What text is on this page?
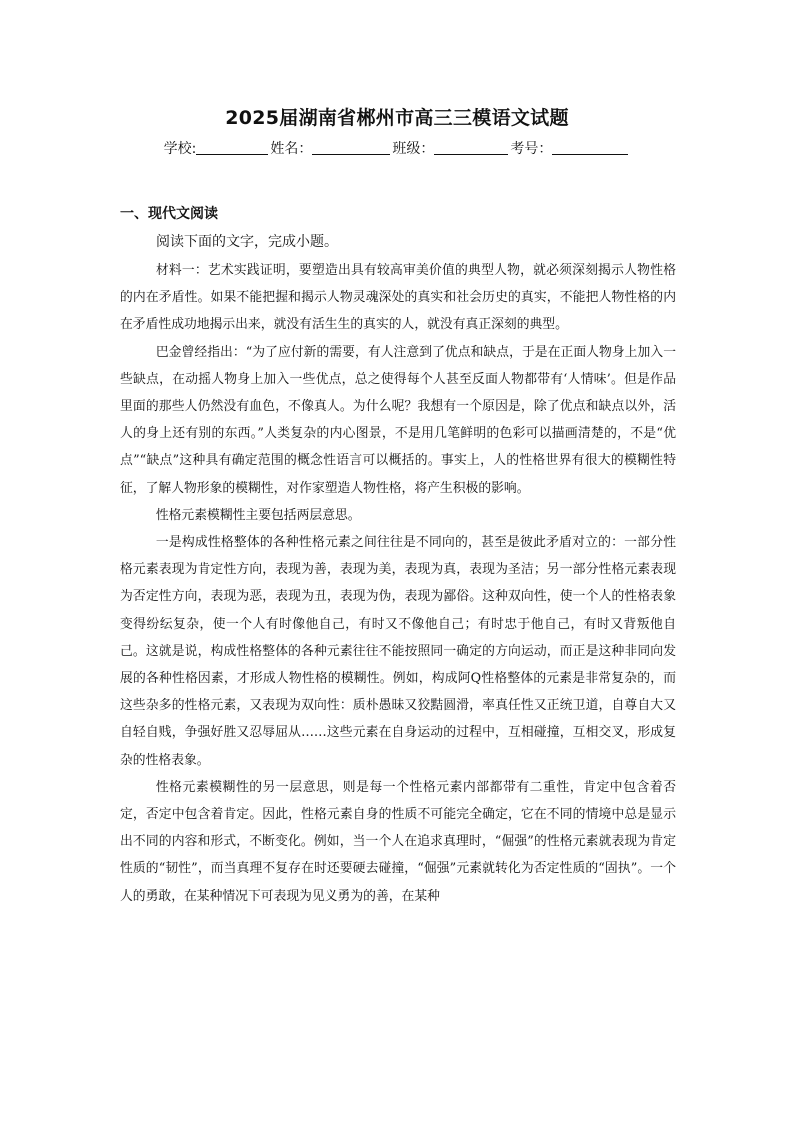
2025届湖南省郴州市高三三模语文试题
学校:	姓名：	班级：	考号：
一、现代文阅读
阅读下面的文字，完成小题。

材料一：艺术实践证明，要塑造出具有较高审美价值的典型人物，就必须深刻揭示人物性格的内在矛盾性。如果不能把握和揭示人物灵魂深处的真实和社会历史的真实，不能把人物性格的内在矛盾性成功地揭示出来，就没有活生生的真实的人，就没有真正深刻的典型。

巴金曾经指出：“为了应付新的需要，有人注意到了优点和缺点，于是在正面人物身上加入一些缺点，在动摇人物身上加入一些优点，总之使得每个人甚至反面人物都带有‘人情味’。但是作品里面的那些人仍然没有血色，不像真人。为什么呢？我想有一个原因是，除了优点和缺点以外，活人的身上还有别的东西。”人类复杂的内心图景，不是用几笔鲜明的色彩可以描画清楚的，不是“优点”“缺点”这种具有确定范围的概念性语言可以概括的。事实上，人的性格世界有很大的模糊性特征，了解人物形象的模糊性，对作家塑造人物性格，将产生积极的影响。

性格元素模糊性主要包括两层意思。

一是构成性格整体的各种性格元素之间往往是不同向的，甚至是彼此矛盾对立的：一部分性格元素表现为肯定性方向，表现为善，表现为美，表现为真，表现为圣洁；另一部分性格元素表现为否定性方向，表现为恶，表现为丑，表现为伪，表现为鄙俗。这种双向性，使一个人的性格表象变得纷纭复杂，使一个人有时像他自己，有时又不像他自己；有时忠于他自己，有时又背叛他自己。这就是说，构成性格整体的各种元素往往不能按照同一确定的方向运动，而正是这种非同向发展的各种性格因素，才形成人物性格的模糊性。例如，构成阿Q性格整体的元素是非常复杂的，而这些杂多的性格元素，又表现为双向性：质朴愚昧又狡黠圆滑，率真任性又正统卫道，自尊自大又自轻自贱，争强好胜又忍辱屈从……这些元素在自身运动的过程中，互相碰撞，互相交叉，形成复杂的性格表象。

性格元素模糊性的另一层意思，则是每一个性格元素内部都带有二重性，肯定中包含着否定，否定中包含着肯定。因此，性格元素自身的性质不可能完全确定，它在不同的情境中总是显示出不同的内容和形式，不断变化。例如，当一个人在追求真理时，“倔强”的性格元素就表现为肯定性质的“韧性”，而当真理不复存在时还要硬去碰撞，“倔强”元素就转化为否定性质的“固执”。一个人的勇敢，在某种情况下可表现为见义勇为的善，在某种
